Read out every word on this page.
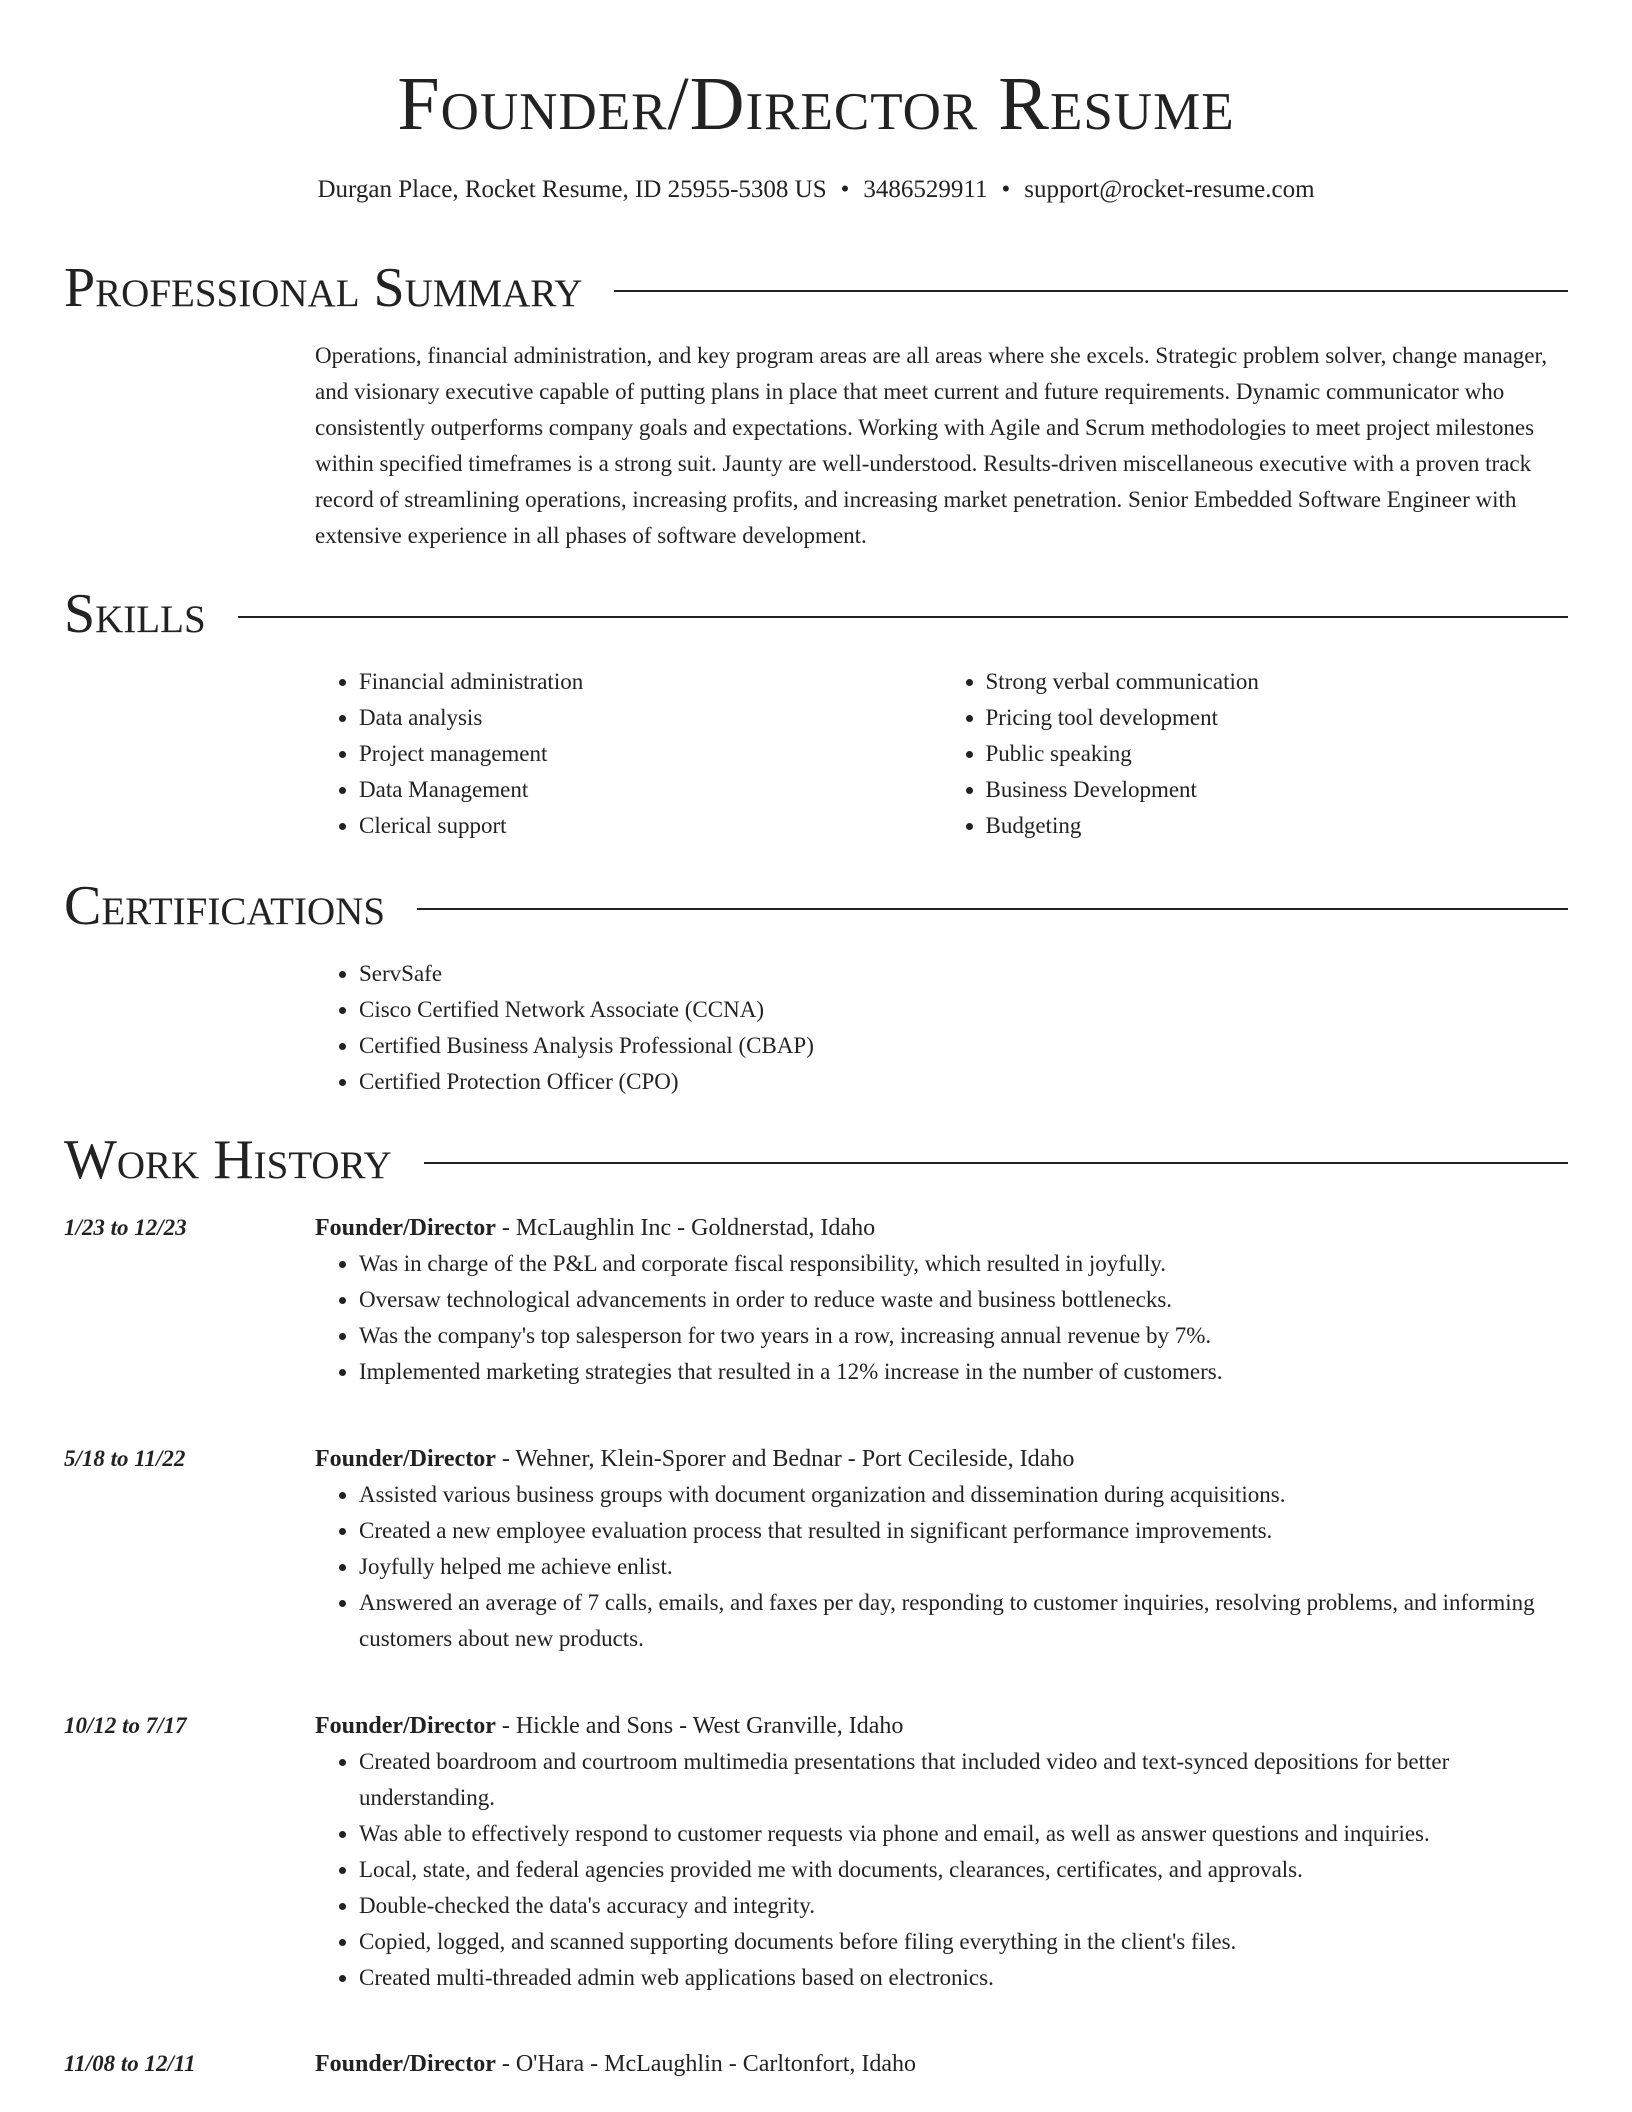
Founder/Director Resume
Durgan Place, Rocket Resume, ID 25955-5308 US • 3486529911 • support@rocket-resume.com
Professional Summary

Operations, financial administration, and key program areas are all areas where she excels. Strategic problem solver, change manager, and visionary executive capable of putting plans in place that meet current and future requirements. Dynamic communicator who consistently outperforms company goals and expectations. Working with Agile and Scrum methodologies to meet project milestones within specified timeframes is a strong suit. Jaunty are well-understood. Results-driven miscellaneous executive with a proven track record of streamlining operations, increasing profits, and increasing market penetration. Senior Embedded Software Engineer with extensive experience in all phases of software development.

Skills
• Financial administration
• Data analysis
• Project management
• Data Management
• Clerical support
• Strong verbal communication
• Pricing tool development
• Public speaking
• Business Development
• Budgeting
Certifications
• ServSafe
• Cisco Certified Network Associate (CCNA)
• Certified Business Analysis Professional (CBAP)
• Certified Protection Officer (CPO)
Work History
1/23 to 12/23	Founder/Director - McLaughlin Inc - Goldnerstad, Idaho
• Was in charge of the P&L and corporate fiscal responsibility, which resulted in joyfully.
• Oversaw technological advancements in order to reduce waste and business bottlenecks.
• Was the company's top salesperson for two years in a row, increasing annual revenue by 7%.
• Implemented marketing strategies that resulted in a 12% increase in the number of customers.
5/18 to 11/22	Founder/Director - Wehner, Klein-Sporer and Bednar - Port Cecileside, Idaho
• Assisted various business groups with document organization and dissemination during acquisitions.
• Created a new employee evaluation process that resulted in significant performance improvements.
• Joyfully helped me achieve enlist.
• Answered an average of 7 calls, emails, and faxes per day, responding to customer inquiries, resolving problems, and informing customers about new products.
10/12 to 7/17	Founder/Director - Hickle and Sons - West Granville, Idaho
• Created boardroom and courtroom multimedia presentations that included video and text-synced depositions for better understanding.
• Was able to effectively respond to customer requests via phone and email, as well as answer questions and inquiries.
• Local, state, and federal agencies provided me with documents, clearances, certificates, and approvals.
• Double-checked the data's accuracy and integrity.
• Copied, logged, and scanned supporting documents before filing everything in the client's files.
• Created multi-threaded admin web applications based on electronics.
11/08 to 12/11	Founder/Director - O'Hara - McLaughlin - Carltonfort, Idaho
